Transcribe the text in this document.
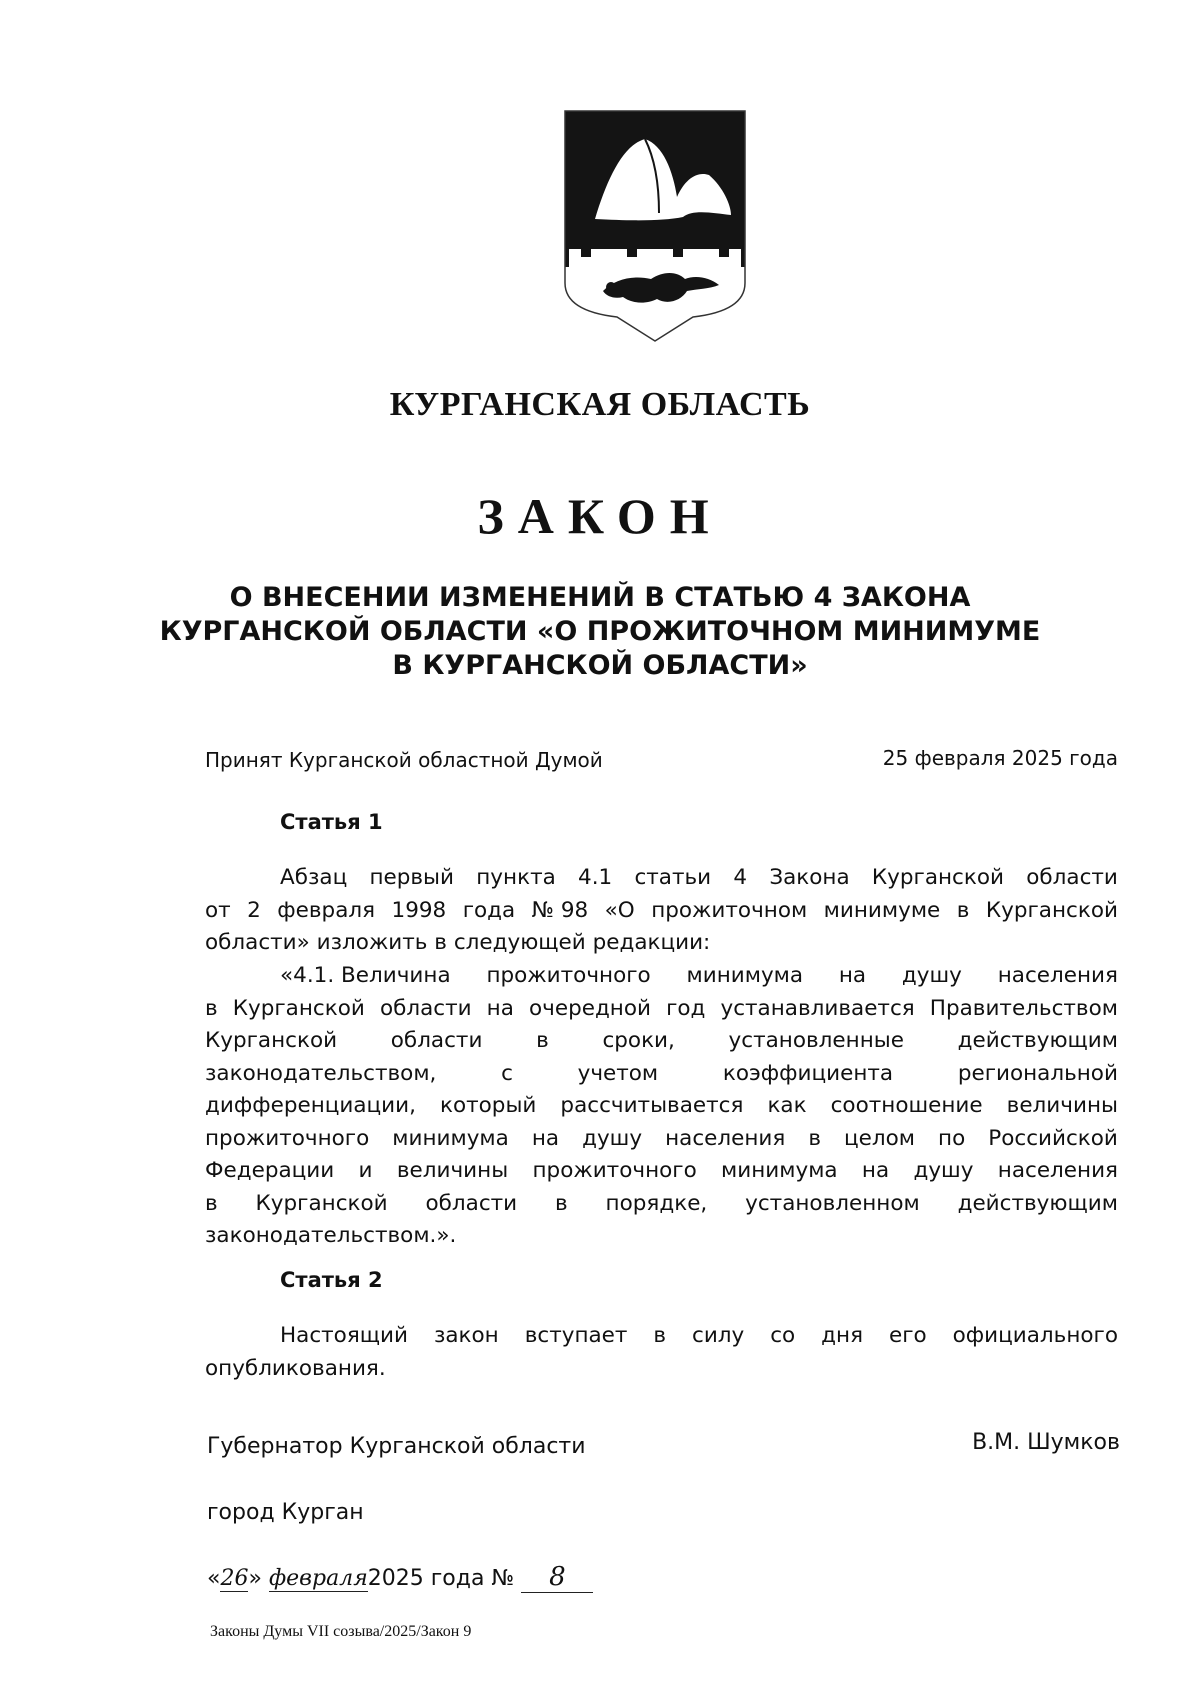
КУРГАНСКАЯ ОБЛАСТЬ
ЗАКОН
О ВНЕСЕНИИ ИЗМЕНЕНИЙ В СТАТЬЮ 4 ЗАКОНА
КУРГАНСКОЙ ОБЛАСТИ «О ПРОЖИТОЧНОМ МИНИМУМЕ
В КУРГАНСКОЙ ОБЛАСТИ»
Принят Курганской областной Думой	25 февраля 2025 года
Статья 1
Абзац первый пункта 4.1 статьи 4 Закона Курганской области
от 2 февраля 1998 года № 98 «О прожиточном минимуме в Курганской
области» изложить в следующей редакции:
«4.1. Величина прожиточного минимума на душу населения
в Курганской области на очередной год устанавливается Правительством
Курганской области в сроки, установленные действующим
законодательством,	с	учетом	коэффициента	региональной
дифференциации, который рассчитывается как соотношение величины
прожиточного минимума на душу населения в целом по Российской
Федерации и величины прожиточного минимума на душу населения
в Курганской области в порядке, установленном действующим
законодательством.».
Статья 2
Настоящий закон вступает в силу со дня его официального
опубликования.
Губернатор Курганской области	В.М. Шумков
город Курган
«26» февраля2025 года № 8
Законы Думы VII созыва/2025/Закон 9
